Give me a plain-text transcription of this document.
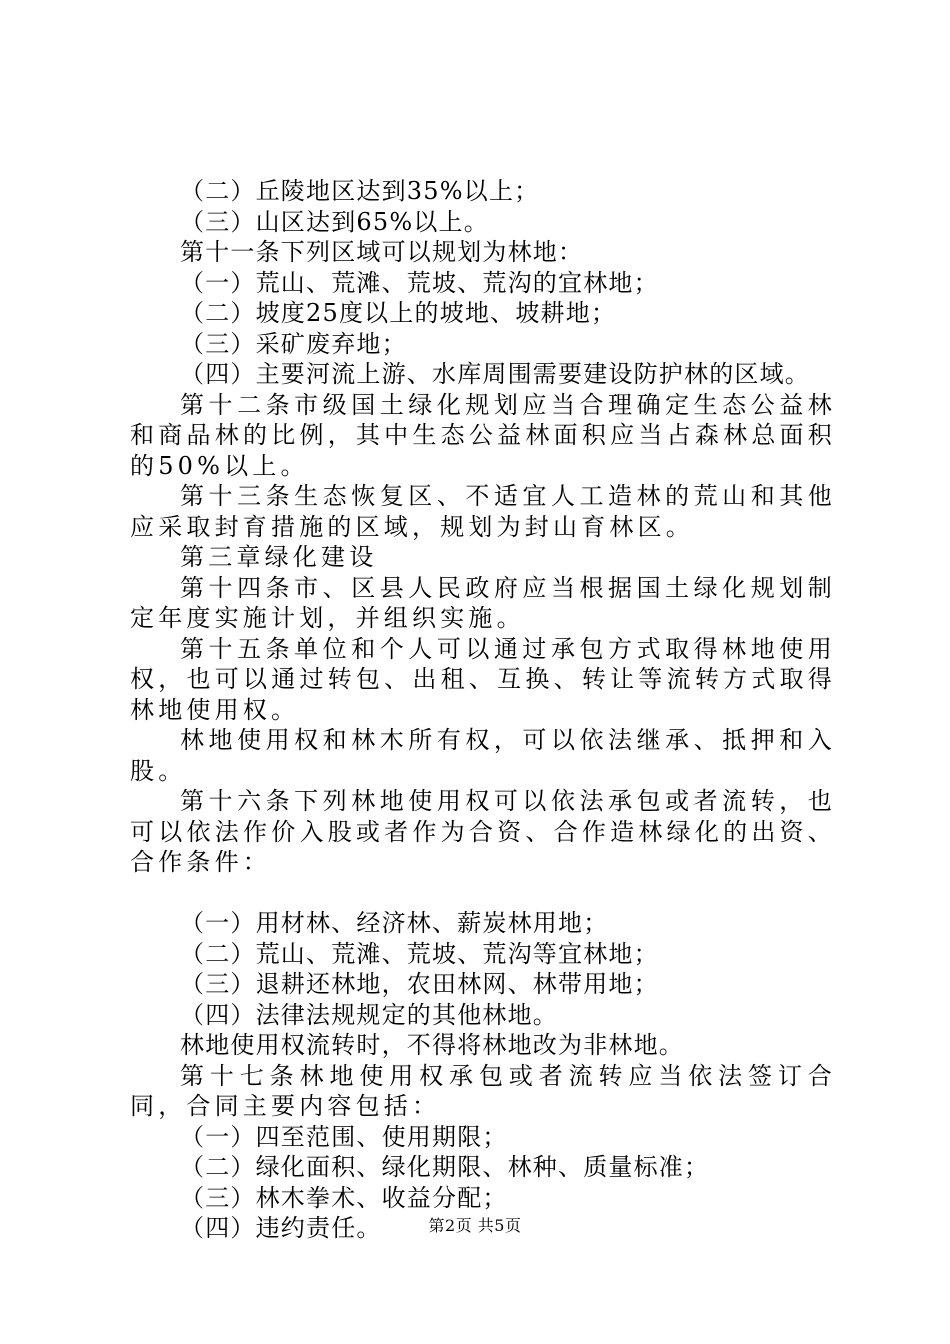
（二）丘陵地区达到35%以上；
（三）山区达到65%以上。
第十一条下列区域可以规划为林地：
（一）荒山、荒滩、荒坡、荒沟的宜林地；
（二）坡度25度以上的坡地、坡耕地；
（三）采矿废弃地；
（四）主要河流上游、水库周围需要建设防护林的区域。
第十二条市级国土绿化规划应当合理确定生态公益林和商品林的比例，其中生态公益林面积应当占森林总面积的50%以上。
第十三条生态恢复区、不适宜人工造林的荒山和其他应采取封育措施的区域，规划为封山育林区。
第三章绿化建设
第十四条市、区县人民政府应当根据国土绿化规划制定年度实施计划，并组织实施。
第十五条单位和个人可以通过承包方式取得林地使用权，也可以通过转包、出租、互换、转让等流转方式取得林地使用权。
林地使用权和林木所有权，可以依法继承、抵押和入股。
第十六条下列林地使用权可以依法承包或者流转，也可以依法作价入股或者作为合资、合作造林绿化的出资、合作条件：
（一）用材林、经济林、薪炭林用地；
（二）荒山、荒滩、荒坡、荒沟等宜林地；
（三）退耕还林地，农田林网、林带用地；
（四）法律法规规定的其他林地。
林地使用权流转时，不得将林地改为非林地。
第十七条林地使用权承包或者流转应当依法签订合同，合同主要内容包括：
（一）四至范围、使用期限；
（二）绿化面积、绿化期限、林种、质量标准；
（三）林木拳术、收益分配；
（四）违约责任。	第2页 共5页
